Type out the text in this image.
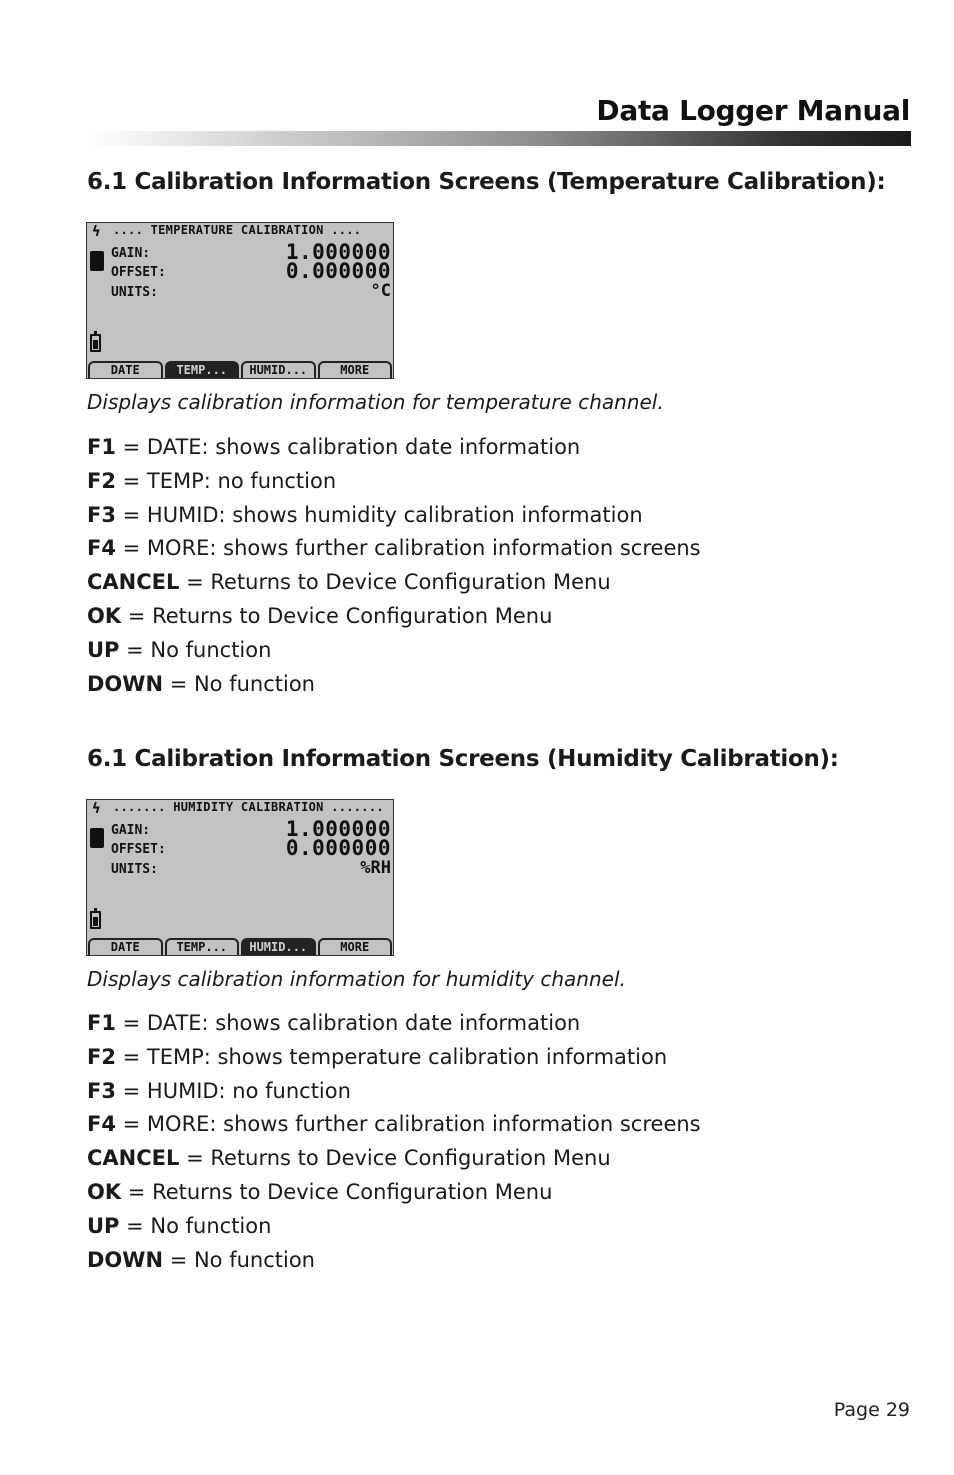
Data Logger Manual
6.1 Calibration Information Screens (Temperature Calibration):
ϟ .... TEMPERATURE CALIBRATION ....
GAIN:	1.000000
OFFSET:	0.000000
UNITS:	°C
DATE	TEMP...	HUMID...	MORE
Displays calibration information for temperature channel.
F1 = DATE: shows calibration date information
F2 = TEMP: no function
F3 = HUMID: shows humidity calibration information
F4 = MORE: shows further calibration information screens
CANCEL = Returns to Device Configuration Menu
OK = Returns to Device Configuration Menu
UP = No function
DOWN = No function
6.1 Calibration Information Screens (Humidity Calibration):
ϟ ....... HUMIDITY CALIBRATION .......
GAIN:	1.000000
OFFSET:	0.000000
UNITS:	%RH
DATE	TEMP...	HUMID...	MORE
Displays calibration information for humidity channel.
F1 = DATE: shows calibration date information
F2 = TEMP: shows temperature calibration information
F3 = HUMID: no function
F4 = MORE: shows further calibration information screens
CANCEL = Returns to Device Configuration Menu
OK = Returns to Device Configuration Menu
UP = No function
DOWN = No function
Page 29
